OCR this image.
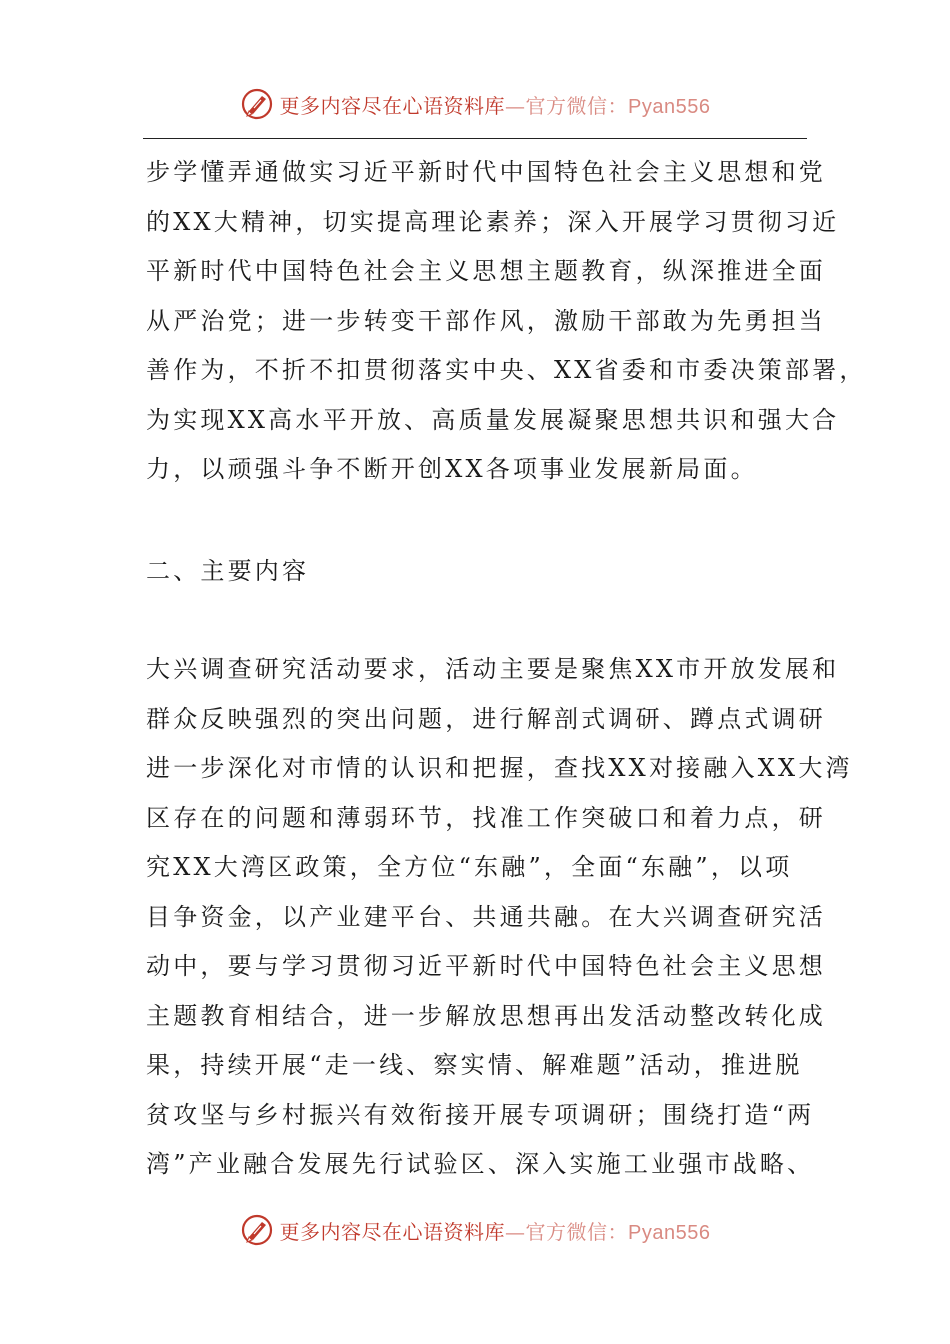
更多内容尽在心语资料库—官方微信：Pyan556
步学懂弄通做实习近平新时代中国特色社会主义思想和党
的XX大精神，切实提高理论素养；深入开展学习贯彻习近
平新时代中国特色社会主义思想主题教育，纵深推进全面
从严治党；进一步转变干部作风，激励干部敢为先勇担当
善作为，不折不扣贯彻落实中央、XX省委和市委决策部署，
为实现XX高水平开放、高质量发展凝聚思想共识和强大合
力，以顽强斗争不断开创XX各项事业发展新局面。
二、主要内容
大兴调查研究活动要求，活动主要是聚焦XX市开放发展和
群众反映强烈的突出问题，进行解剖式调研、蹲点式调研
进一步深化对市情的认识和把握，查找XX对接融入XX大湾
区存在的问题和薄弱环节，找准工作突破口和着力点，研
究XX大湾区政策，全方位“东融”，全面“东融”，以项
目争资金，以产业建平台、共通共融。在大兴调查研究活
动中，要与学习贯彻习近平新时代中国特色社会主义思想
主题教育相结合，进一步解放思想再出发活动整改转化成
果，持续开展“走一线、察实情、解难题”活动，推进脱
贫攻坚与乡村振兴有效衔接开展专项调研；围绕打造“两
湾”产业融合发展先行试验区、深入实施工业强市战略、
更多内容尽在心语资料库—官方微信：Pyan556
